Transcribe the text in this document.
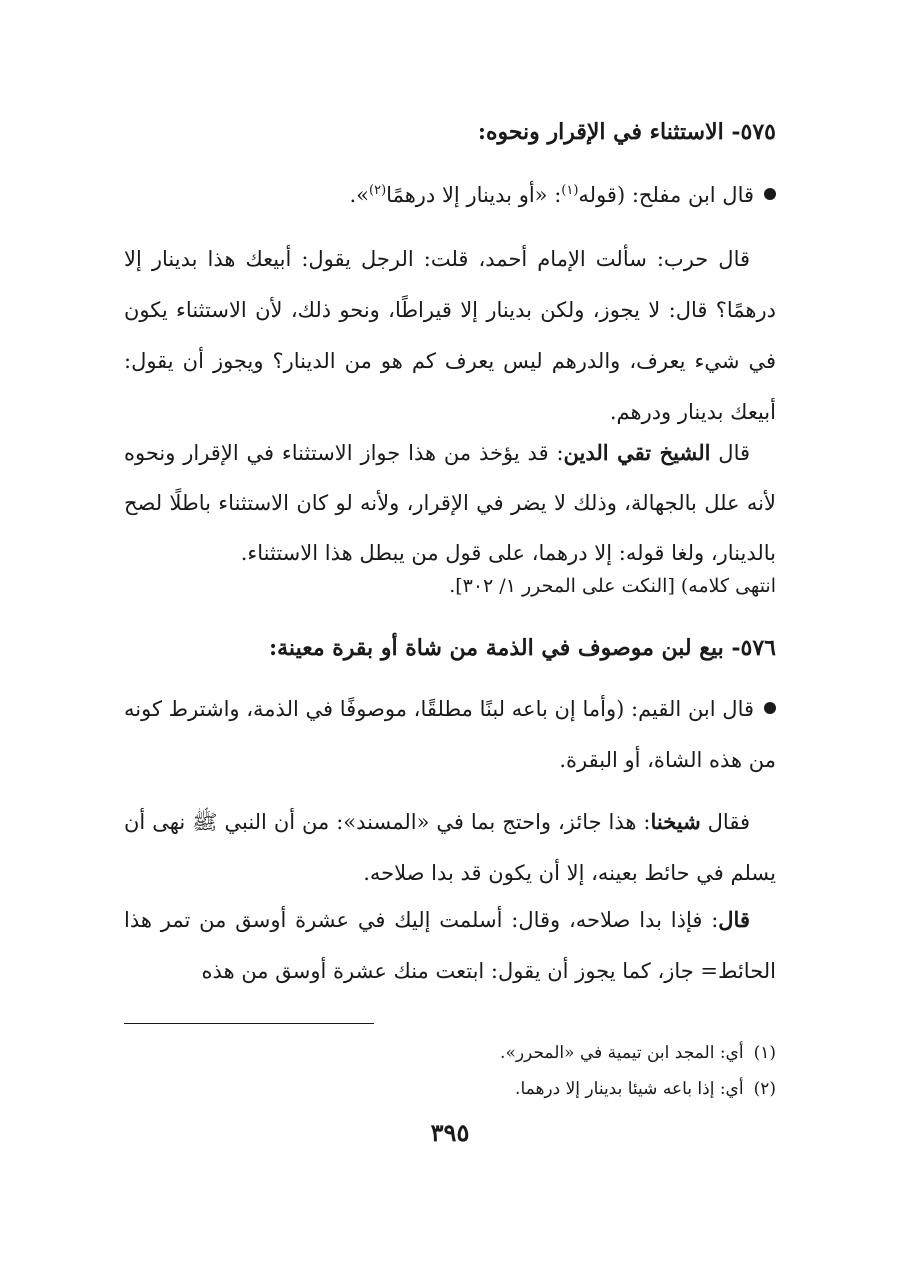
٥٧٥- الاستثناء في الإقرار ونحوه:
قال ابن مفلح: (قوله$^{(١)}$: «أو بدينار إلا درهمًا$^{(٢)}$».
قال حرب: سألت الإمام أحمد، قلت: الرجل يقول: أبيعك هذا بدينار إلا درهمًا؟ قال: لا يجوز، ولكن بدينار إلا قيراطًا، ونحو ذلك، لأن الاستثناء يكون في شيء يعرف، والدرهم ليس يعرف كم هو من الدينار؟ ويجوز أن يقول: أبيعك بدينار ودرهم.
قال الشيخ تقي الدين: قد يؤخذ من هذا جواز الاستثناء في الإقرار ونحوه لأنه علل بالجهالة، وذلك لا يضر في الإقرار، ولأنه لو كان الاستثناء باطلًا لصح بالدينار، ولغا قوله: إلا درهما، على قول من يبطل هذا الاستثناء.
انتهى كلامه) [النكت على المحرر ١/ ٣٠٢].
٥٧٦- بيع لبن موصوف في الذمة من شاة أو بقرة معينة:
قال ابن القيم: (وأما إن باعه لبنًا مطلقًا، موصوفًا في الذمة، واشترط كونه من هذه الشاة، أو البقرة.
فقال شيخنا: هذا جائز، واحتج بما في «المسند»: من أن النبي ﷺ نهى أن يسلم في حائط بعينه، إلا أن يكون قد بدا صلاحه.
قال: فإذا بدا صلاحه، وقال: أسلمت إليك في عشرة أوسق من تمر هذا الحائط= جاز، كما يجوز أن يقول: ابتعت منك عشرة أوسق من هذه
(١)أي: المجد ابن تيمية في «المحرر».
(٢)أي: إذا باعه شيئا بدينار إلا درهما.
٣٩٥
